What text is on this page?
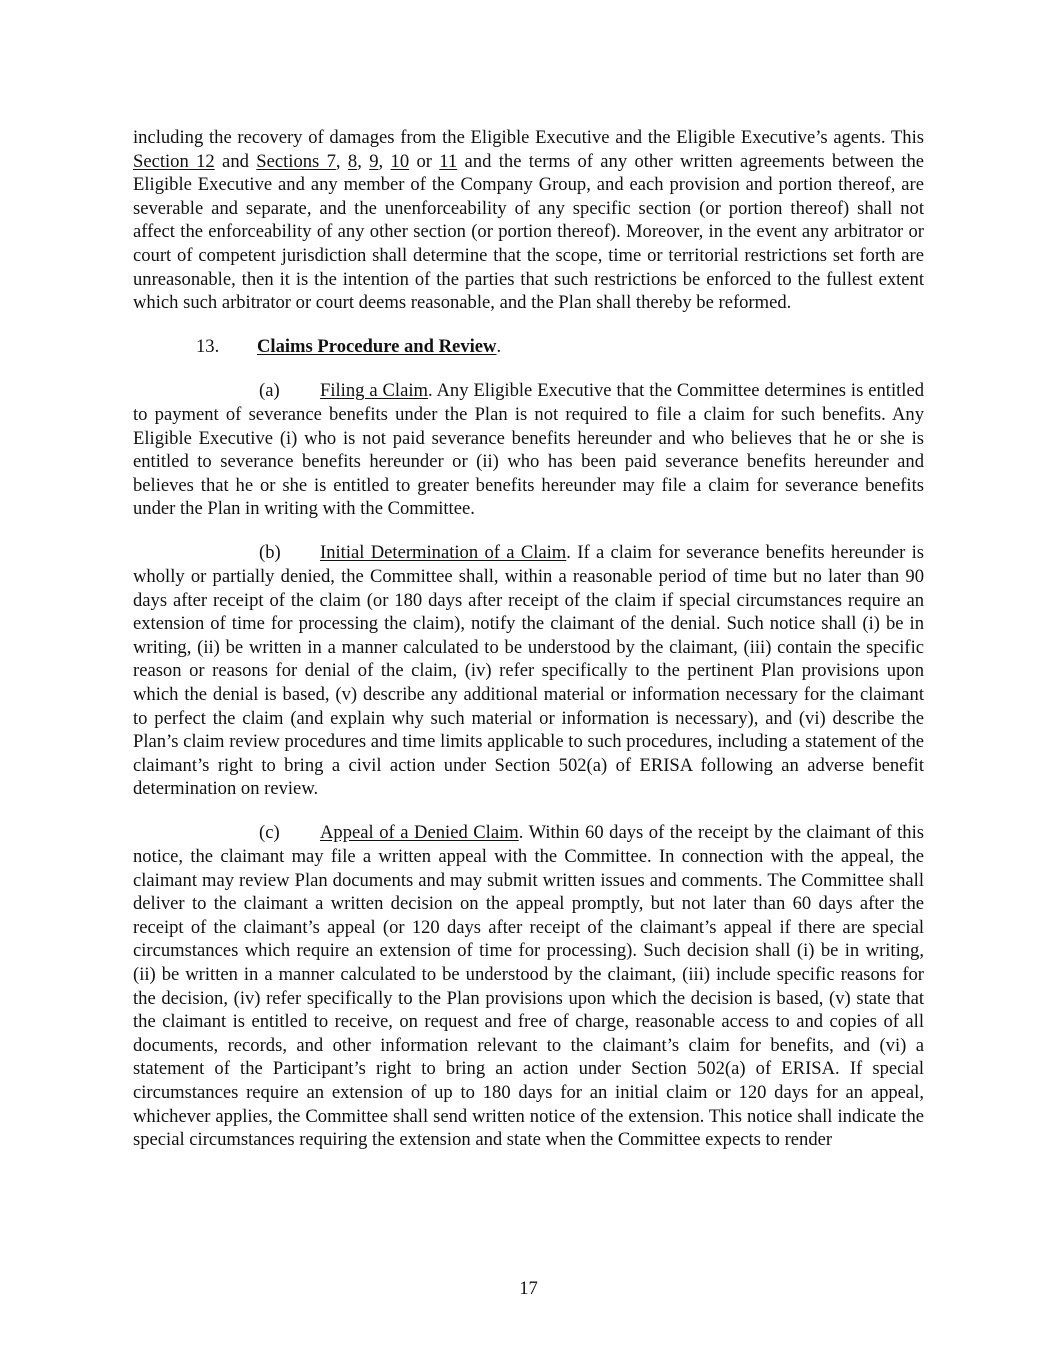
including the recovery of damages from the Eligible Executive and the Eligible Executive’s agents. This Section 12 and Sections 7, 8, 9, 10 or 11 and the terms of any other written agreements between the Eligible Executive and any member of the Company Group, and each provision and portion thereof, are severable and separate, and the unenforceability of any specific section (or portion thereof) shall not affect the enforceability of any other section (or portion thereof). Moreover, in the event any arbitrator or court of competent jurisdiction shall determine that the scope, time or territorial restrictions set forth are unreasonable, then it is the intention of the parties that such restrictions be enforced to the fullest extent which such arbitrator or court deems reasonable, and the Plan shall thereby be reformed.

13. Claims Procedure and Review.

(a) Filing a Claim. Any Eligible Executive that the Committee determines is entitled to payment of severance benefits under the Plan is not required to file a claim for such benefits. Any Eligible Executive (i) who is not paid severance benefits hereunder and who believes that he or she is entitled to severance benefits hereunder or (ii) who has been paid severance benefits hereunder and believes that he or she is entitled to greater benefits hereunder may file a claim for severance benefits under the Plan in writing with the Committee.

(b) Initial Determination of a Claim. If a claim for severance benefits hereunder is wholly or partially denied, the Committee shall, within a reasonable period of time but no later than 90 days after receipt of the claim (or 180 days after receipt of the claim if special circumstances require an extension of time for processing the claim), notify the claimant of the denial. Such notice shall (i) be in writing, (ii) be written in a manner calculated to be understood by the claimant, (iii) contain the specific reason or reasons for denial of the claim, (iv) refer specifically to the pertinent Plan provisions upon which the denial is based, (v) describe any additional material or information necessary for the claimant to perfect the claim (and explain why such material or information is necessary), and (vi) describe the Plan’s claim review procedures and time limits applicable to such procedures, including a statement of the claimant’s right to bring a civil action under Section 502(a) of ERISA following an adverse benefit determination on review.

(c) Appeal of a Denied Claim. Within 60 days of the receipt by the claimant of this notice, the claimant may file a written appeal with the Committee. In connection with the appeal, the claimant may review Plan documents and may submit written issues and comments. The Committee shall deliver to the claimant a written decision on the appeal promptly, but not later than 60 days after the receipt of the claimant’s appeal (or 120 days after receipt of the claimant’s appeal if there are special circumstances which require an extension of time for processing). Such decision shall (i) be in writing, (ii) be written in a manner calculated to be understood by the claimant, (iii) include specific reasons for the decision, (iv) refer specifically to the Plan provisions upon which the decision is based, (v) state that the claimant is entitled to receive, on request and free of charge, reasonable access to and copies of all documents, records, and other information relevant to the claimant’s claim for benefits, and (vi) a statement of the Participant’s right to bring an action under Section 502(a) of ERISA. If special circumstances require an extension of up to 180 days for an initial claim or 120 days for an appeal, whichever applies, the Committee shall send written notice of the extension. This notice shall indicate the special circumstances requiring the extension and state when the Committee expects to render

17
